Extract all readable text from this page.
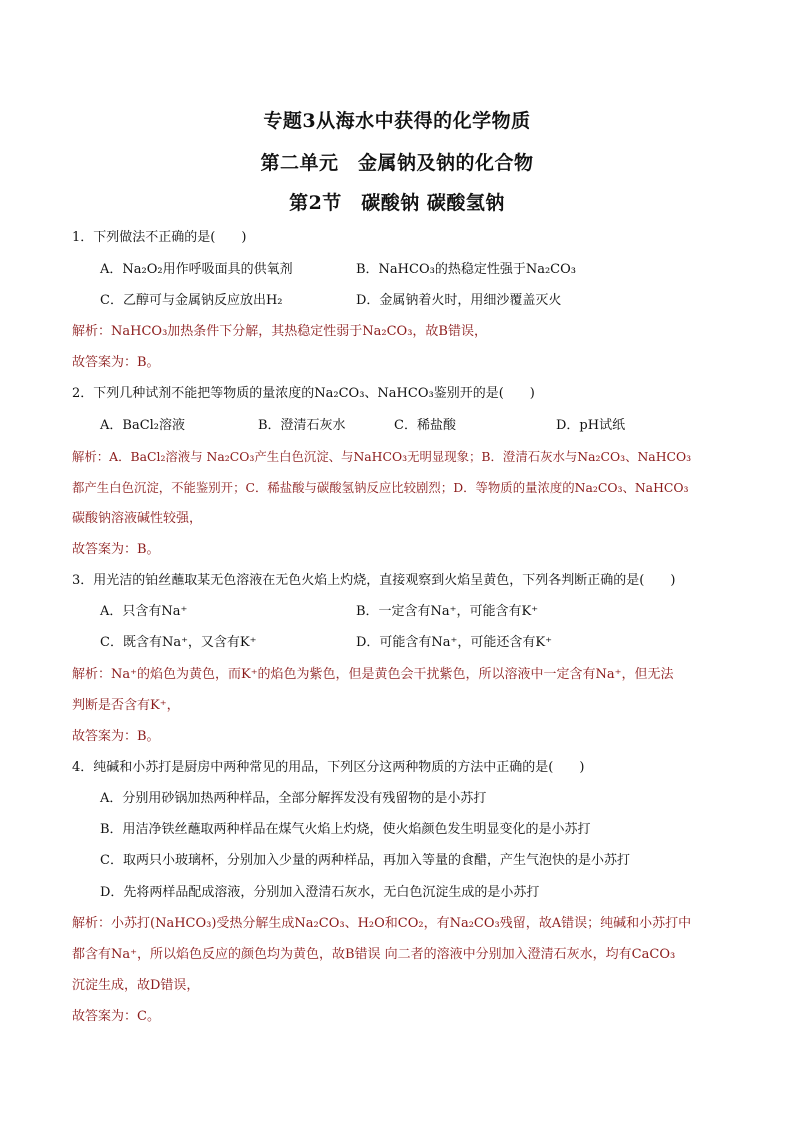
专题3从海水中获得的化学物质
第二单元　金属钠及钠的化合物
第2节　碳酸钠 碳酸氢钠
1．下列做法不正确的是(　　)
A．Na₂O₂用作呼吸面具的供氧剂	B．NaHCO₃的热稳定性强于Na₂CO₃
C．乙醇可与金属钠反应放出H₂	D．金属钠着火时，用细沙覆盖灭火
解析：NaHCO₃加热条件下分解，其热稳定性弱于Na₂CO₃，故B错误，
故答案为：B。
2．下列几种试剂不能把等物质的量浓度的Na₂CO₃、NaHCO₃鉴别开的是(　　)
A．BaCl₂溶液	B．澄清石灰水	C．稀盐酸	D．pH试纸
解析：A．BaCl₂溶液与 Na₂CO₃产生白色沉淀、与NaHCO₃无明显现象；B．澄清石灰水与Na₂CO₃、NaHCO₃
都产生白色沉淀，不能鉴别开；C．稀盐酸与碳酸氢钠反应比较剧烈；D．等物质的量浓度的Na₂CO₃、NaHCO₃
碳酸钠溶液碱性较强，
故答案为：B。
3．用光洁的铂丝蘸取某无色溶液在无色火焰上灼烧，直接观察到火焰呈黄色，下列各判断正确的是(　　)
A．只含有Na⁺	B．一定含有Na⁺，可能含有K⁺
C．既含有Na⁺，又含有K⁺	D．可能含有Na⁺，可能还含有K⁺
解析：Na⁺的焰色为黄色，而K⁺的焰色为紫色，但是黄色会干扰紫色，所以溶液中一定含有Na⁺，但无法
判断是否含有K⁺，
故答案为：B。
4．纯碱和小苏打是厨房中两种常见的用品，下列区分这两种物质的方法中正确的是(　　)
A．分别用砂锅加热两种样品，全部分解挥发没有残留物的是小苏打
B．用洁净铁丝蘸取两种样品在煤气火焰上灼烧，使火焰颜色发生明显变化的是小苏打
C．取两只小玻璃杯，分别加入少量的两种样品，再加入等量的食醋，产生气泡快的是小苏打
D．先将两样品配成溶液，分别加入澄清石灰水，无白色沉淀生成的是小苏打
解析：小苏打(NaHCO₃)受热分解生成Na₂CO₃、H₂O和CO₂，有Na₂CO₃残留，故A错误；纯碱和小苏打中
都含有Na⁺，所以焰色反应的颜色均为黄色，故B错误 向二者的溶液中分别加入澄清石灰水，均有CaCO₃
沉淀生成，故D错误，
故答案为：C。
